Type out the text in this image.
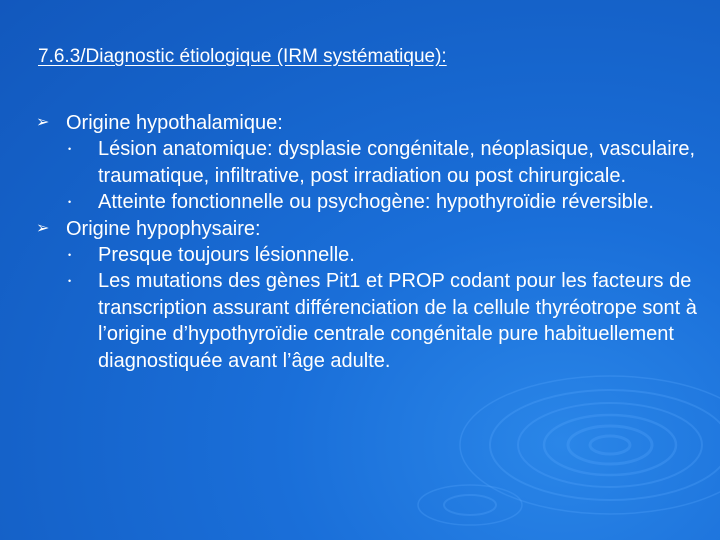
7.6.3/Diagnostic étiologique (IRM systématique):
➢ Origine hypothalamique:
• Lésion anatomique: dysplasie congénitale, néoplasique, vasculaire, traumatique, infiltrative, post irradiation ou post chirurgicale.
• Atteinte fonctionnelle ou psychogène: hypothyroïdie réversible.
➢ Origine hypophysaire:
• Presque toujours lésionnelle.
• Les mutations des gènes Pit1 et PROP codant pour les facteurs de transcription assurant différenciation de la cellule thyréotrope sont à l’origine d’hypothyroïdie centrale congénitale pure habituellement diagnostiquée avant l’âge adulte.
